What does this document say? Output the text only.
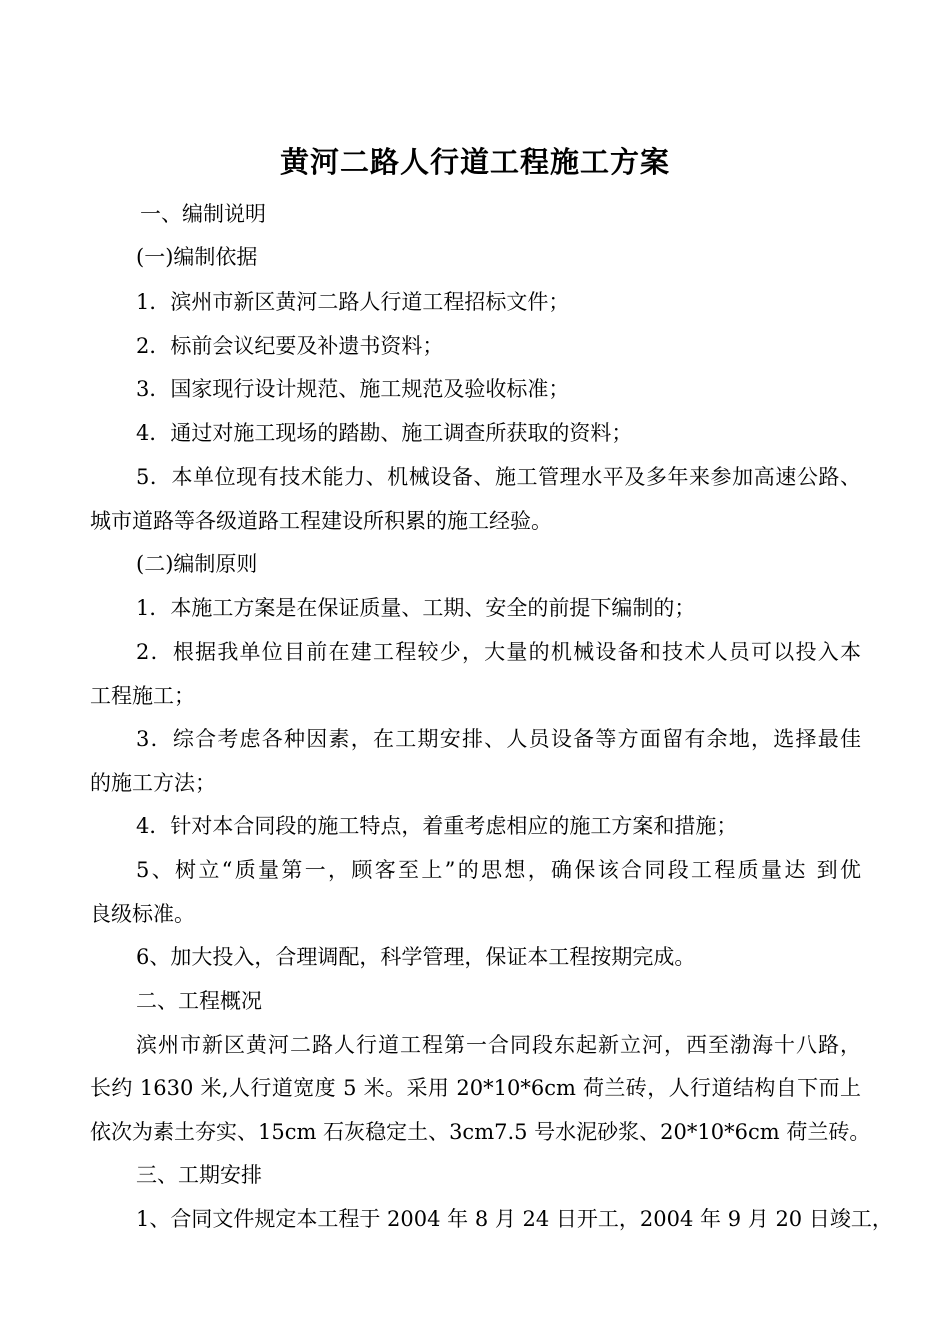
黄河二路人行道工程施工方案
一、编制说明
(一)编制依据
1．滨州市新区黄河二路人行道工程招标文件；
2．标前会议纪要及补遗书资料；
3．国家现行设计规范、施工规范及验收标准；
4．通过对施工现场的踏勘、施工调查所获取的资料；
5．本单位现有技术能力、机械设备、施工管理水平及多年来参加高速公路、
城市道路等各级道路工程建设所积累的施工经验。
(二)编制原则
1．本施工方案是在保证质量、工期、安全的前提下编制的；
2．根据我单位目前在建工程较少，大量的机械设备和技术人员可以投入本
工程施工；
3．综合考虑各种因素，在工期安排、人员设备等方面留有余地，选择最佳
的施工方法；
4．针对本合同段的施工特点，着重考虑相应的施工方案和措施；
5、树立“质量第一，顾客至上”的思想，确保该合同段工程质量达 到优
良级标准。
6、加大投入，合理调配，科学管理，保证本工程按期完成。
二、工程概况
滨州市新区黄河二路人行道工程第一合同段东起新立河，西至渤海十八路，
长约 1630 米,人行道宽度 5 米。采用 20*10*6cm 荷兰砖，人行道结构自下而上
依次为素土夯实、15cm 石灰稳定土、3cm7.5 号水泥砂浆、20*10*6cm 荷兰砖。
三、工期安排
1、合同文件规定本工程于 2004 年 8 月 24 日开工，2004 年 9 月 20 日竣工，
